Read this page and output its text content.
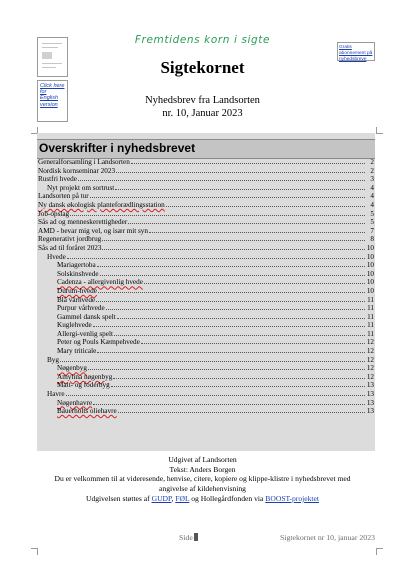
Fremtidens korn i sigte
Click here for English version
Gratis abonnement på nyhedsbreve
Sigtekornet
Nyhedsbrev fra Landsorten
nr. 10, Januar 2023
Overskrifter i nyhedsbrevet
Generalforsamling i Landsorten	2
Nordisk kornseminar 2023	2
Rustfri hvede	3
Nyt projekt om sortrust	4
Landsorten på tur	4
Ny dansk økologisk planteforædlingsstation	4
Job-opslag	5
Sås ad og menneskerettigheder	5
AMD - bevar mig vel, og især mit syn	7
Regenerativt jordbrug	8
Sås ad til foråret 2023	10
Hvede	10
Mariagertoba	10
Solskinshvede	10
Cadenza - allergivenlig hvede	10
Durum-hvede	10
Blå vårhvede	11
Purpur vårhvede	11
Gammel dansk spelt	11
Kuglehvede	11
Allergi-venlig spelt	11
Peter og Pouls Kæmpehvede	12
Mary triticale	12
Byg	12
Nøgenbyg	12
Amylina nøgenbyg	12
Malt- og foderbyg	13
Havre	13
Nøgenhavre	13
Bauerholts oliehavre	13
Udgivet af Landsorten
Tekst: Anders Borgen
Du er velkommen til at videresende, henvise, citere, kopiere og klippe-klistre i nyhedsbrevet med
angivelse af kildehenvisning
Udgivelsen støttes af GUDP, FØL og Hollegårdfonden via BOOST-projektet
Side	Sigtekornet nr 10, januar 2023
